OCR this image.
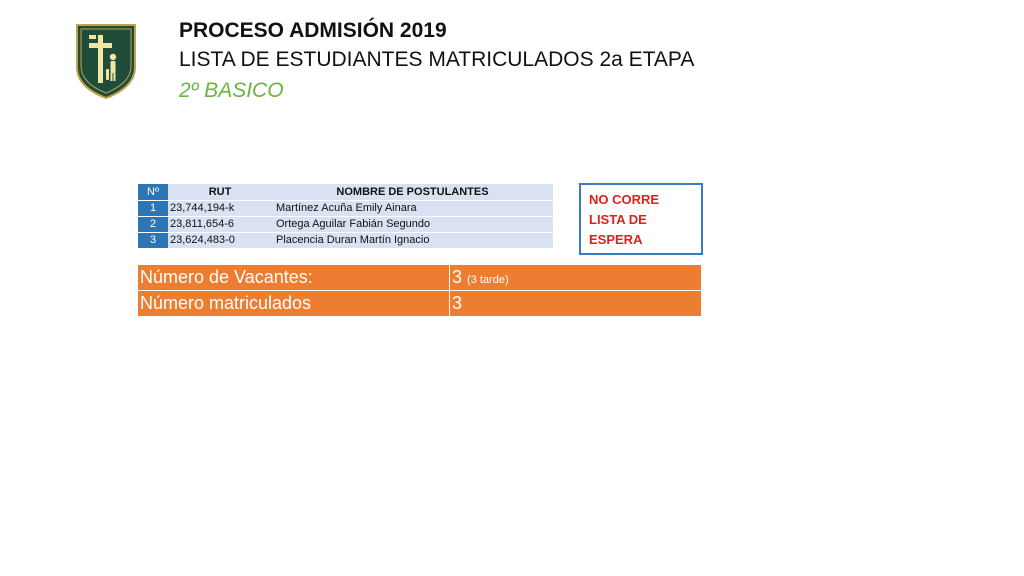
PROCESO ADMISIÓN 2019
LISTA DE ESTUDIANTES MATRICULADOS 2a ETAPA
2º BASICO
Nº	RUT	NOMBRE DE POSTULANTES
1	23,744,194-k	Martínez Acuña Emily Ainara
2	23,811,654-6	Ortega Aguilar Fabián Segundo
3	23,624,483-0	Placencia Duran Martín Ignacio
NO CORRE
LISTA DE
ESPERA
Número de Vacantes:	3 (3 tarde)
Número matriculados	3
